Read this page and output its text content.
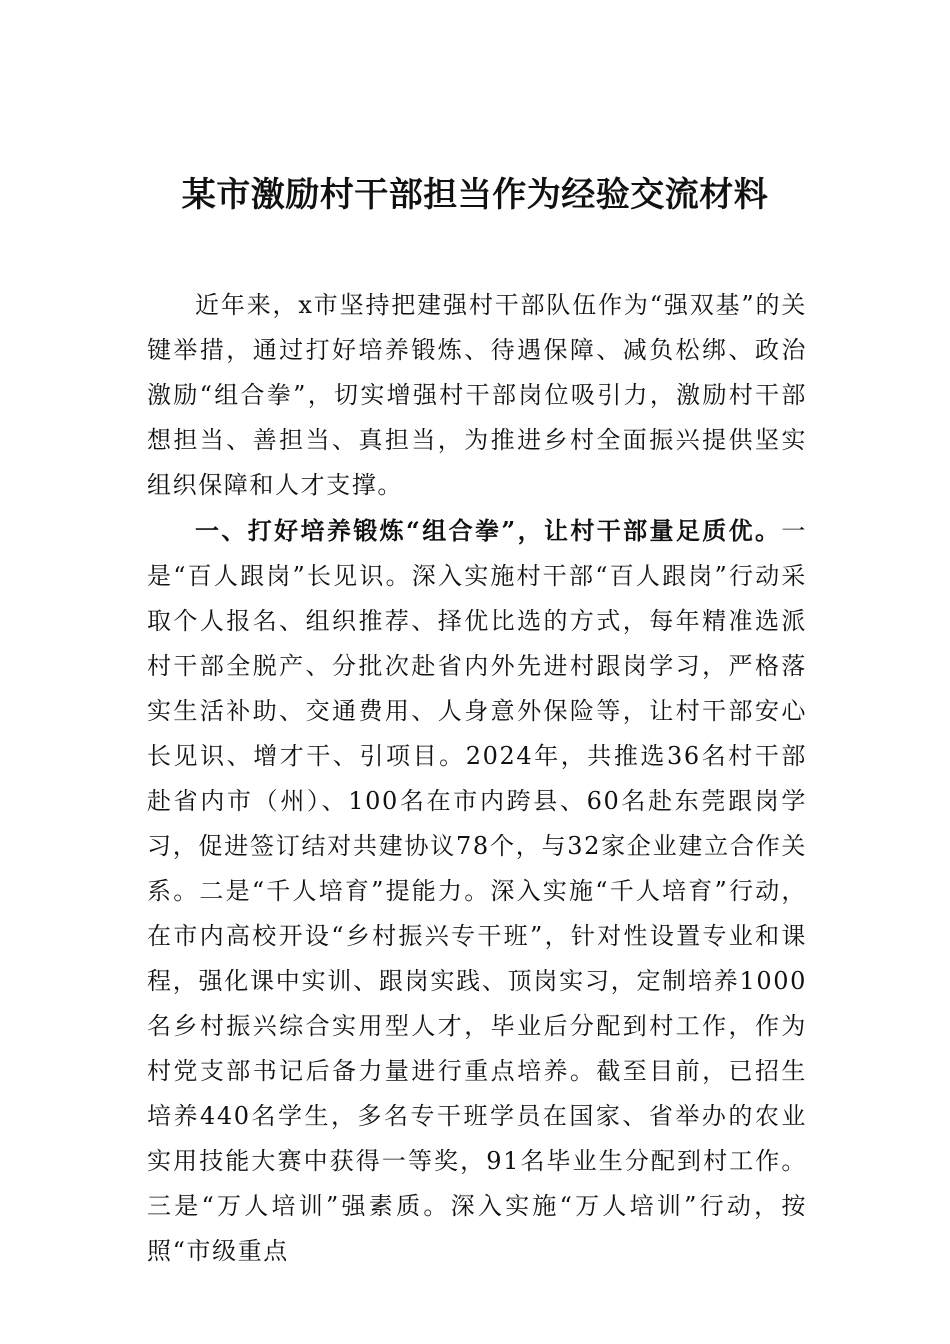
某市激励村干部担当作为经验交流材料

近年来，x市坚持把建强村干部队伍作为“强双基”的关键举措，通过打好培养锻炼、待遇保障、减负松绑、政治激励“组合拳”，切实增强村干部岗位吸引力，激励村干部想担当、善担当、真担当，为推进乡村全面振兴提供坚实组织保障和人才支撑。

一、打好培养锻炼“组合拳”，让村干部量足质优。一是“百人跟岗”长见识。深入实施村干部“百人跟岗”行动采取个人报名、组织推荐、择优比选的方式，每年精准选派村干部全脱产、分批次赴省内外先进村跟岗学习，严格落实生活补助、交通费用、人身意外保险等，让村干部安心长见识、增才干、引项目。2024年，共推选36名村干部赴省内市（州）、100名在市内跨县、60名赴东莞跟岗学习，促进签订结对共建协议78个，与32家企业建立合作关系。二是“千人培育”提能力。深入实施“千人培育”行动，在市内高校开设“乡村振兴专干班”，针对性设置专业和课程，强化课中实训、跟岗实践、顶岗实习，定制培养1000名乡村振兴综合实用型人才，毕业后分配到村工作，作为村党支部书记后备力量进行重点培养。截至目前，已招生培养440名学生，多名专干班学员在国家、省举办的农业实用技能大赛中获得一等奖，91名毕业生分配到村工作。三是“万人培训”强素质。深入实施“万人培训”行动，按照“市级重点
